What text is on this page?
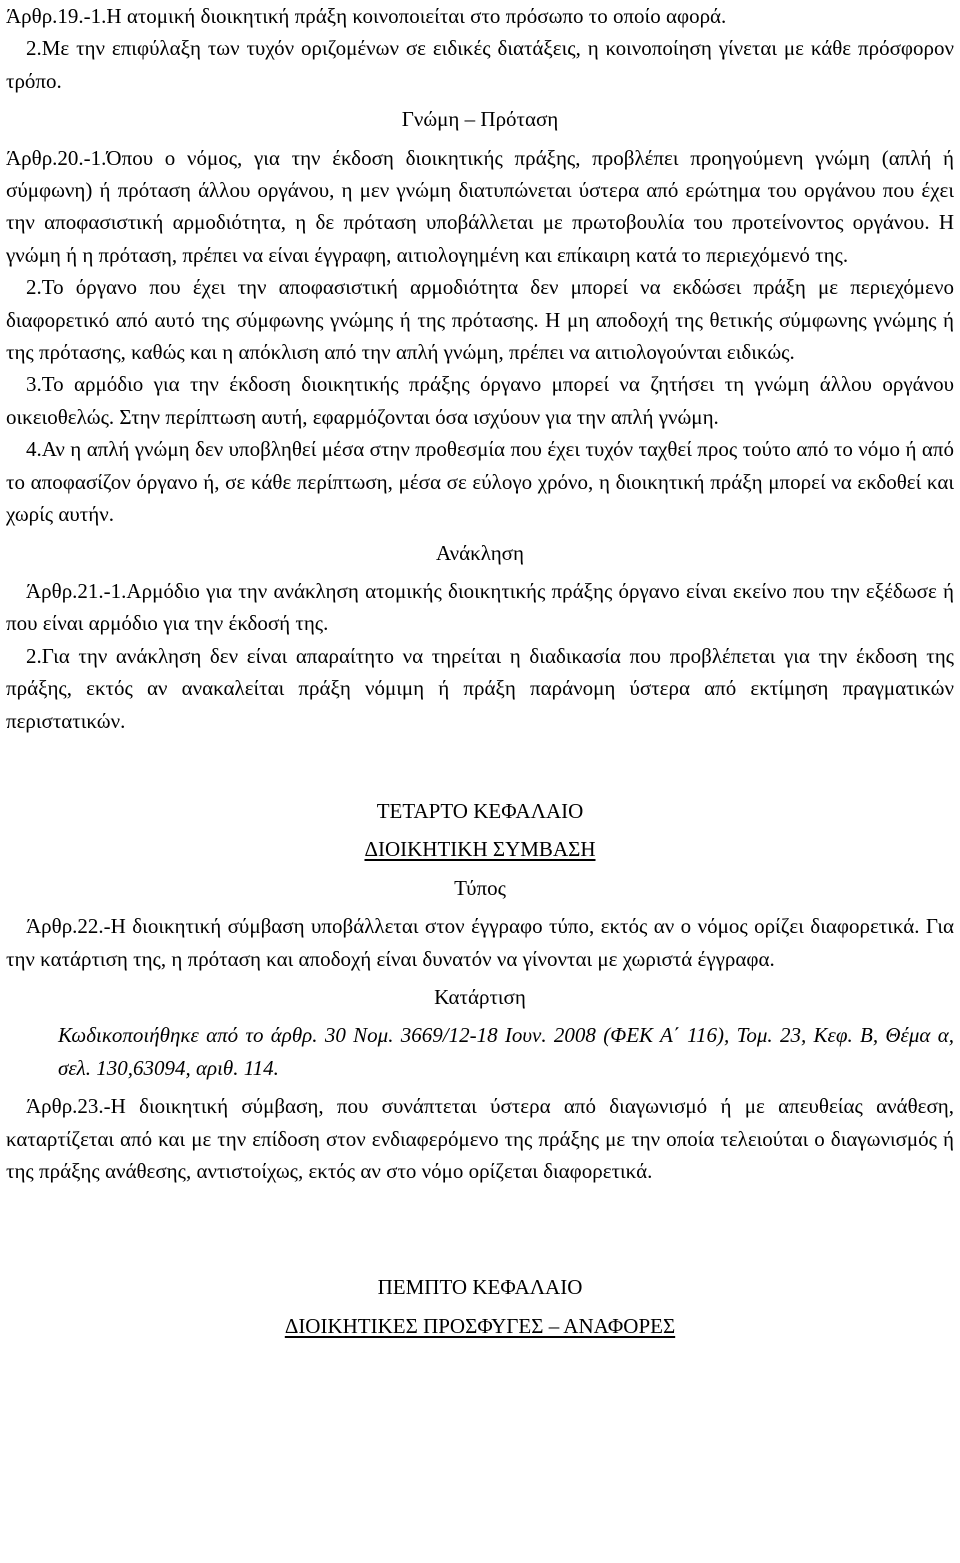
Άρθρ.19.-1.Η ατομική διοικητική πράξη κοινοποιείται στο πρόσωπο το οποίο αφορά.

2.Με την επιφύλαξη των τυχόν οριζομένων σε ειδικές διατάξεις, η κοινοποίηση γίνεται με κάθε πρόσφορον τρόπο.

Γνώμη – Πρόταση

Άρθρ.20.-1.Όπου ο νόμος, για την έκδοση διοικητικής πράξης, προβλέπει προηγούμενη γνώμη (απλή ή σύμφωνη) ή πρόταση άλλου οργάνου, η μεν γνώμη διατυπώνεται ύστερα από ερώτημα του οργάνου που έχει την αποφασιστική αρμοδιότητα, η δε πρόταση υποβάλλεται με πρωτοβουλία του προτείνοντος οργάνου. Η γνώμη ή η πρόταση, πρέπει να είναι έγγραφη, αιτιολογημένη και επίκαιρη κατά το περιεχόμενό της.

2.Το όργανο που έχει την αποφασιστική αρμοδιότητα δεν μπορεί να εκδώσει πράξη με περιεχόμενο διαφορετικό από αυτό της σύμφωνης γνώμης ή της πρότασης. Η μη αποδοχή της θετικής σύμφωνης γνώμης ή της πρότασης, καθώς και η απόκλιση από την απλή γνώμη, πρέπει να αιτιολογούνται ειδικώς.

3.Το αρμόδιο για την έκδοση διοικητικής πράξης όργανο μπορεί να ζητήσει τη γνώμη άλλου οργάνου οικειοθελώς. Στην περίπτωση αυτή, εφαρμόζονται όσα ισχύουν για την απλή γνώμη.

4.Αν η απλή γνώμη δεν υποβληθεί μέσα στην προθεσμία που έχει τυχόν ταχθεί προς τούτο από το νόμο ή από το αποφασίζον όργανο ή, σε κάθε περίπτωση, μέσα σε εύλογο χρόνο, η διοικητική πράξη μπορεί να εκδοθεί και χωρίς αυτήν.

Ανάκληση

Άρθρ.21.-1.Αρμόδιο για την ανάκληση ατομικής διοικητικής πράξης όργανο είναι εκείνο που την εξέδωσε ή που είναι αρμόδιο για την έκδοσή της.

2.Για την ανάκληση δεν είναι απαραίτητο να τηρείται η διαδικασία που προβλέπεται για την έκδοση της πράξης, εκτός αν ανακαλείται πράξη νόμιμη ή πράξη παράνομη ύστερα από εκτίμηση πραγματικών περιστατικών.

ΤΕΤΑΡΤΟ ΚΕΦΑΛΑΙΟ

ΔΙΟΙΚΗΤΙΚΗ ΣΥΜΒΑΣΗ

Τύπος

Άρθρ.22.-Η διοικητική σύμβαση υποβάλλεται στον έγγραφο τύπο, εκτός αν ο νόμος ορίζει διαφορετικά. Για την κατάρτιση της, η πρόταση και αποδοχή είναι δυνατόν να γίνονται με χωριστά έγγραφα.

Κατάρτιση

Κωδικοποιήθηκε από το άρθρ. 30 Νομ. 3669/12-18 Ιουν. 2008 (ΦΕΚ Α΄ 116), Τομ. 23, Κεφ. Β, Θέμα α, σελ. 130,63094, αριθ. 114.

Άρθρ.23.-Η διοικητική σύμβαση, που συνάπτεται ύστερα από διαγωνισμό ή με απευθείας ανάθεση, καταρτίζεται από και με την επίδοση στον ενδιαφερόμενο της πράξης με την οποία τελειούται ο διαγωνισμός ή της πράξης ανάθεσης, αντιστοίχως, εκτός αν στο νόμο ορίζεται διαφορετικά.

ΠΕΜΠΤΟ ΚΕΦΑΛΑΙΟ

ΔΙΟΙΚΗΤΙΚΕΣ ΠΡΟΣΦΥΓΕΣ – ΑΝΑΦΟΡΕΣ
